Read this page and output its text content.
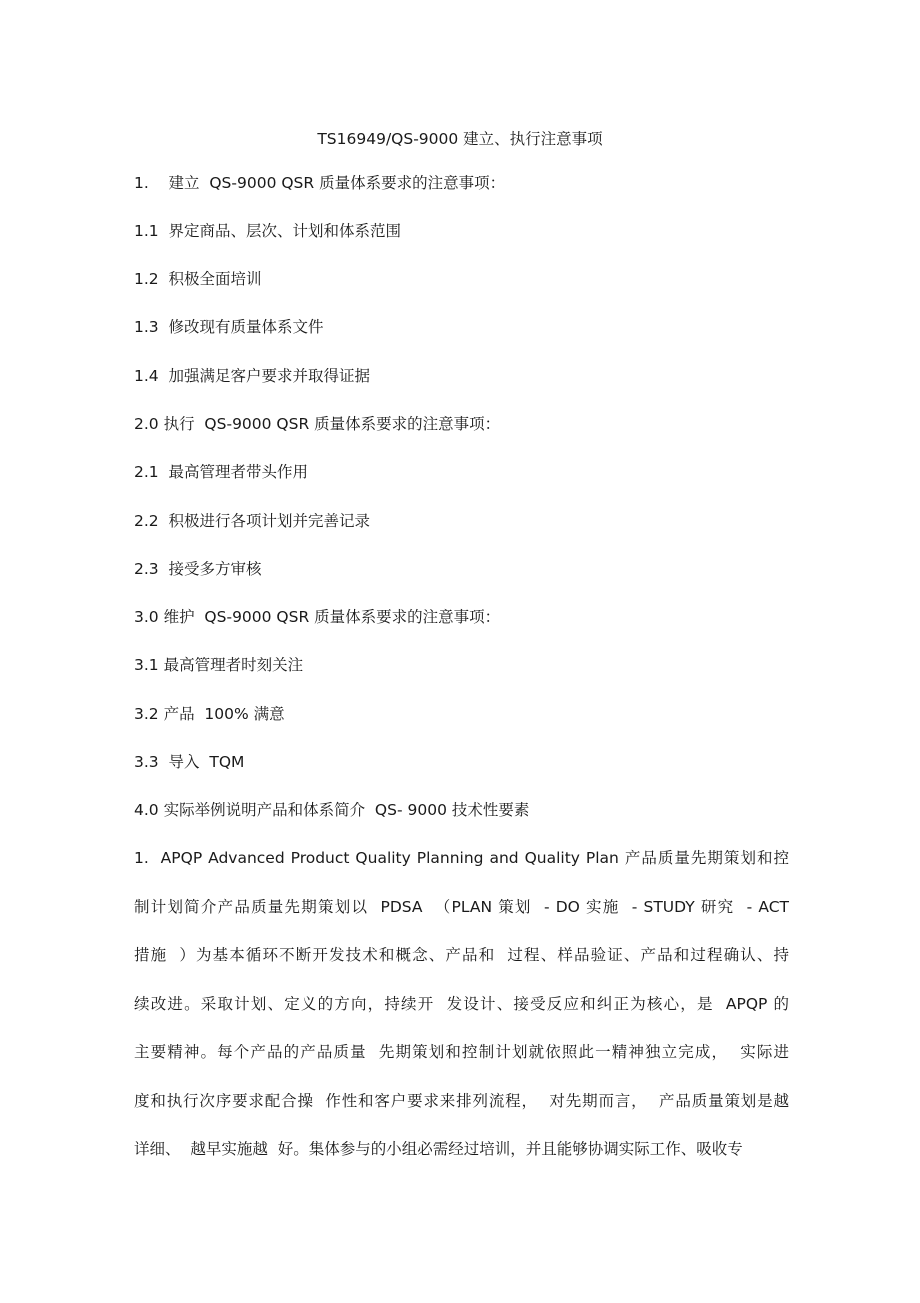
TS16949/QS-9000 建立、执行注意事项
1.    建立  QS-9000 QSR 质量体系要求的注意事项：
1.1  界定商品、层次、计划和体系范围
1.2  积极全面培训
1.3  修改现有质量体系文件
1.4  加强满足客户要求并取得证据
2.0 执行  QS-9000 QSR 质量体系要求的注意事项：
2.1  最高管理者带头作用
2.2  积极进行各项计划并完善记录
2.3  接受多方审核
3.0 维护  QS-9000 QSR 质量体系要求的注意事项：
3.1 最高管理者时刻关注
3.2 产品  100% 满意
3.3  导入  TQM
4.0 实际举例说明产品和体系简介  QS- 9000 技术性要素
1.  APQP Advanced Product Quality Planning and Quality Plan 产品质量先期策划和控
制计划简介产品质量先期策划以  PDSA  （PLAN 策划  - DO 实施  - STUDY 研究  - ACT
措施  ）为基本循环不断开发技术和概念、产品和  过程、样品验证、产品和过程确认、持
续改进。采取计划、定义的方向，持续开  发设计、接受反应和纠正为核心，是  APQP 的
主要精神。每个产品的产品质量  先期策划和控制计划就依照此一精神独立完成，  实际进
度和执行次序要求配合操  作性和客户要求来排列流程，  对先期而言，  产品质量策划是越
详细、  越早实施越  好。集体参与的小组必需经过培训，并且能够协调实际工作、吸收专
